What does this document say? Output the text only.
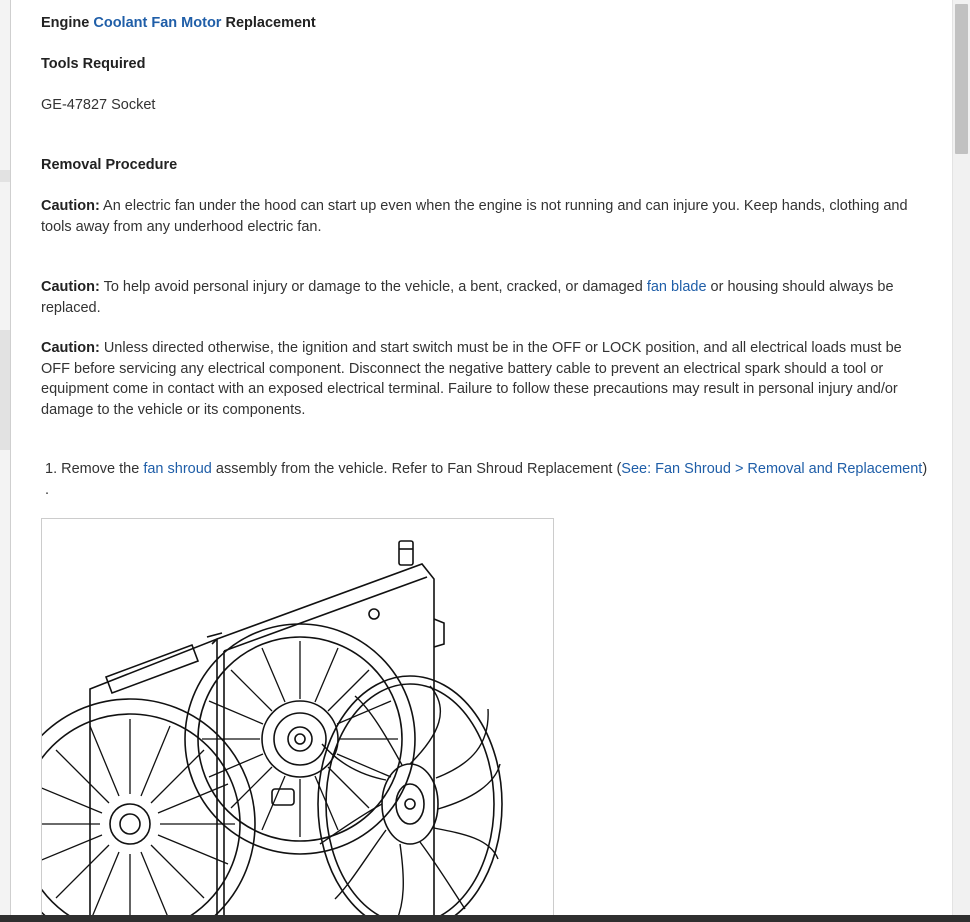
Engine Coolant Fan Motor Replacement
Tools Required
GE-47827 Socket
Removal Procedure
Caution: An electric fan under the hood can start up even when the engine is not running and can injure you. Keep hands, clothing and tools away from any underhood electric fan.
Caution: To help avoid personal injury or damage to the vehicle, a bent, cracked, or damaged fan blade or housing should always be replaced.
Caution: Unless directed otherwise, the ignition and start switch must be in the OFF or LOCK position, and all electrical loads must be OFF before servicing any electrical component. Disconnect the negative battery cable to prevent an electrical spark should a tool or equipment come in contact with an exposed electrical terminal. Failure to follow these precautions may result in personal injury and/or damage to the vehicle or its components.
1. Remove the fan shroud assembly from the vehicle. Refer to Fan Shroud Replacement (See: Fan Shroud > Removal and Replacement) .
